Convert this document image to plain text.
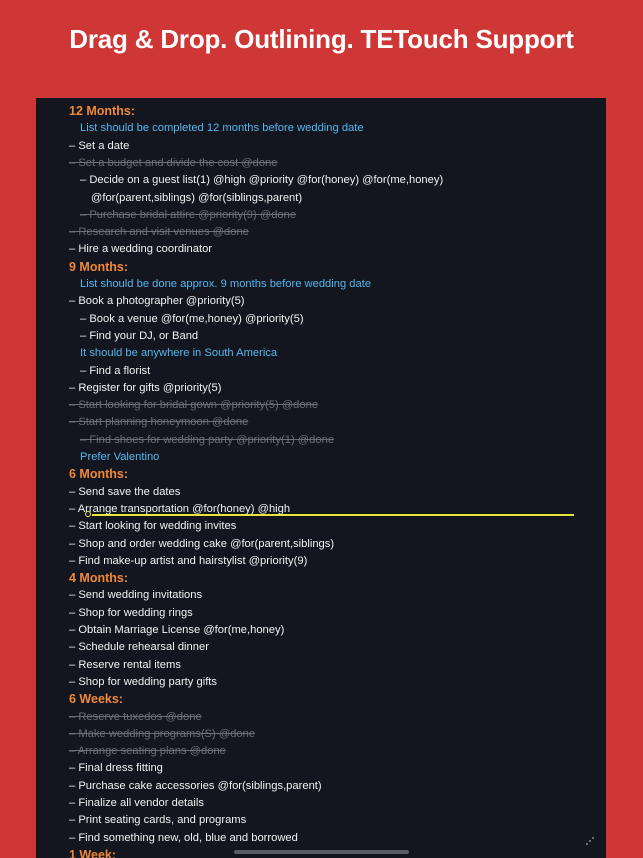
Drag & Drop. Outlining. TETouch Support
12 Months:
List should be completed 12 months before wedding date
– Set a date
– Set a budget and divide the cost @done
– Decide on a guest list(1) @high @priority @for(honey) @for(me,honey)
@for(parent,siblings) @for(siblings,parent)
– Purchase bridal attire @priority(9) @done
– Research and visit venues @done
– Hire a wedding coordinator
9 Months:
List should be done approx. 9 months before wedding date
– Book a photographer @priority(5)
– Book a venue @for(me,honey) @priority(5)
– Find your DJ, or Band
It should be anywhere in South America
– Find a florist
– Register for gifts @priority(5)
– Start looking for bridal gown @priority(5) @done
– Start planning honeymoon @done
– Find shoes for wedding party @priority(1) @done
Prefer Valentino
6 Months:
– Send save the dates
– Arrange transportation @for(honey) @high
– Start looking for wedding invites
– Shop and order wedding cake @for(parent,siblings)
– Find make-up artist and hairstylist @priority(9)
4 Months:
– Send wedding invitations
– Shop for wedding rings
– Obtain Marriage License @for(me,honey)
– Schedule rehearsal dinner
– Reserve rental items
– Shop for wedding party gifts
6 Weeks:
– Reserve tuxedos @done
– Make wedding programs(S) @done
– Arrange seating plans @done
– Final dress fitting
– Purchase cake accessories @for(siblings,parent)
– Finalize all vendor details
– Print seating cards, and programs
– Find something new, old, blue and borrowed
1 Week:
